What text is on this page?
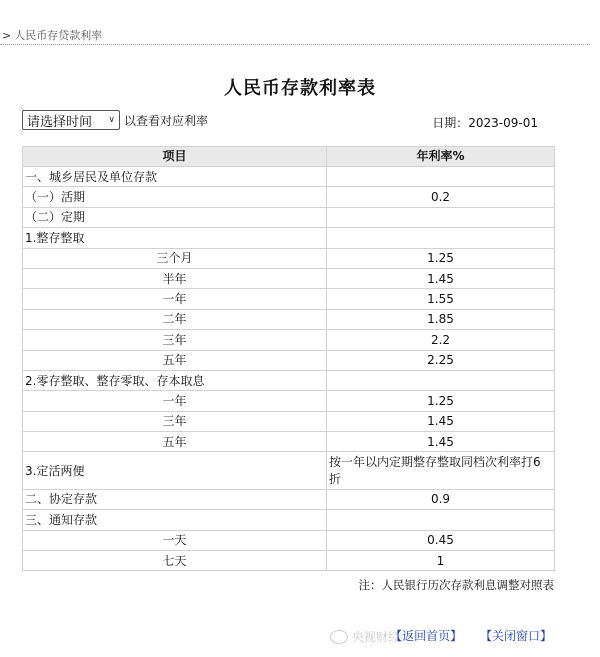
> 人民币存贷款利率
人民币存款利率表
请选择时间 ∨ 以查看对应利率	日期：2023-09-01
项目	年利率%
一、城乡居民及单位存款	
（一）活期	0.2
（二）定期	
1.整存整取	
三个月	1.25
半年	1.45
一年	1.55
二年	1.85
三年	2.2
五年	2.25
2.零存整取、整存零取、存本取息	
一年	1.25
三年	1.45
五年	1.45
3.定活两便	按一年以内定期整存整取同档次利率打6折
二、协定存款	0.9
三、通知存款	
一天	0.45
七天	1
注：人民银行历次存款利息调整对照表
央视财经
【返回首页】 【关闭窗口】
